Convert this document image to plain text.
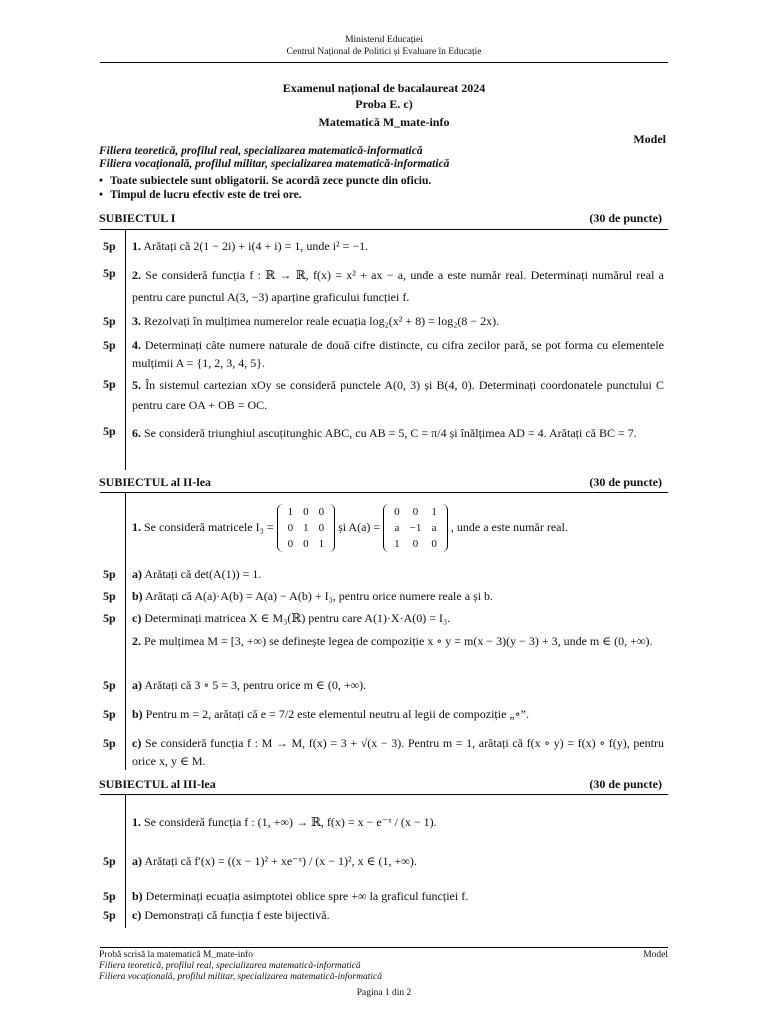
Ministerul Educației
Centrul Național de Politici și Evaluare în Educație
Examenul național de bacalaureat 2024
Proba E. c)
Matematică M_mate-info
Model
Filiera teoretică, profilul real, specializarea matematică-informatică
Filiera vocațională, profilul militar, specializarea matematică-informatică
• Toate subiectele sunt obligatorii. Se acordă zece puncte din oficiu.
• Timpul de lucru efectiv este de trei ore.
SUBIECTUL I	(30 de puncte)
5p 1. Arătați că 2(1 − 2i) + i(4 + i) = 1, unde i² = −1.
5p 2. Se consideră funcția f : ℝ → ℝ, f(x) = x² + ax − a, unde a este număr real. Determinați numărul real a pentru care punctul A(3, −3) aparține graficului funcției f.
5p 3. Rezolvați în mulțimea numerelor reale ecuația log₂(x² + 8) = log₂(8 − 2x).
5p 4. Determinați câte numere naturale de două cifre distincte, cu cifra zecilor pară, se pot forma cu elementele mulțimii A = {1, 2, 3, 4, 5}.
5p 5. În sistemul cartezian xOy se consideră punctele A(0, 3) și B(4, 0). Determinați coordonatele punctului C pentru care OA + OB = OC.
5p 6. Se consideră triunghiul ascuțitunghic ABC, cu AB = 5, C = π/4 și înălțimea AD = 4. Arătați că BC = 7.
SUBIECTUL al II-lea	(30 de puncte)
1. Se consideră matricele I₃ =
1	0	0
0	1	0
0	0	1
și A(a) =
0	0	1
a	−1	a
1	0	0
, unde a este număr real.
5p a) Arătați că det(A(1)) = 1.
5p b) Arătați că A(a)·A(b) = A(a) − A(b) + I₃, pentru orice numere reale a și b.
5p c) Determinați matricea X ∈ M₃(ℝ) pentru care A(1)·X·A(0) = I₃.
2. Pe mulțimea M = [3, +∞) se definește legea de compoziție x ∘ y = m(x − 3)(y − 3) + 3, unde m ∈ (0, +∞).
5p a) Arătați că 3 ∘ 5 = 3, pentru orice m ∈ (0, +∞).
5p b) Pentru m = 2, arătați că e = 7/2 este elementul neutru al legii de compoziție „∘”.
5p c) Se consideră funcția f : M → M, f(x) = 3 + √(x − 3). Pentru m = 1, arătați că f(x ∘ y) = f(x) ∘ f(y), pentru orice x, y ∈ M.
SUBIECTUL al III-lea	(30 de puncte)
1. Se consideră funcția f : (1, +∞) → ℝ, f(x) = x − e⁻ˣ / (x − 1).
5p a) Arătați că f′(x) = ((x − 1)² + xe⁻ˣ) / (x − 1)², x ∈ (1, +∞).
5p b) Determinați ecuația asimptotei oblice spre +∞ la graficul funcției f.
5p c) Demonstrați că funcția f este bijectivă.
Probă scrisă la matematică M_mate-info
Filiera teoretică, profilul real, specializarea matematică-informatică
Filiera vocațională, profilul militar, specializarea matematică-informatică
Model
Pagina 1 din 2
